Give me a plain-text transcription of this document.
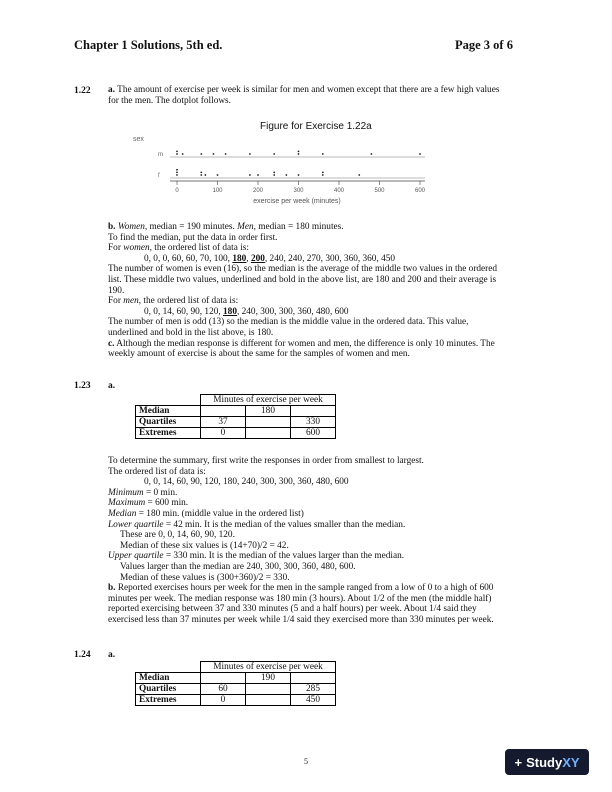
Chapter 1 Solutions, 5th ed.	Page 3 of 6
1.22 a. The amount of exercise per week is similar for men and women except that there are a few high values
for the men. The dotplot follows.
Figure for Exercise 1.22a
sex
m
f
0	100	200	300	400	500	600
exercise per week (minutes)
b. Women, median = 190 minutes. Men, median = 180 minutes.
To find the median, put the data in order first.
For women, the ordered list of data is:
0, 0, 0, 60, 60, 70, 100, 180, 200, 240, 240, 270, 300, 360, 360, 450
The number of women is even (16), so the median is the average of the middle two values in the ordered
list. These middle two values, underlined and bold in the above list, are 180 and 200 and their average is
190.
For men, the ordered list of data is:
0, 0, 14, 60, 90, 120, 180, 240, 300, 300, 360, 480, 600
The number of men is odd (13) so the median is the middle value in the ordered data. This value,
underlined and bold in the list above, is 180.
c. Although the median response is different for women and men, the difference is only 10 minutes. The
weekly amount of exercise is about the same for the samples of women and men.
1.23 a.
	Minutes of exercise per week		
Median		180	
Quartiles	37		330
Extremes	0		600
To determine the summary, first write the responses in order from smallest to largest.
The ordered list of data is:
0, 0, 14, 60, 90, 120, 180, 240, 300, 300, 360, 480, 600
Minimum = 0 min.
Maximum = 600 min.
Median = 180 min. (middle value in the ordered list)
Lower quartile = 42 min. It is the median of the values smaller than the median.
These are 0, 0, 14, 60, 90, 120.
Median of these six values is (14+70)/2 = 42.
Upper quartile = 330 min. It is the median of the values larger than the median.
Values larger than the median are 240, 300, 300, 360, 480, 600.
Median of these values is (300+360)/2 = 330.
b. Reported exercises hours per week for the men in the sample ranged from a low of 0 to a high of 600
minutes per week. The median response was 180 min (3 hours). About 1/2 of the men (the middle half)
reported exercising between 37 and 330 minutes (5 and a half hours) per week. About 1/4 said they
exercised less than 37 minutes per week while 1/4 said they exercised more than 330 minutes per week.
1.24 a.
	Minutes of exercise per week		
Median		190	
Quartiles	60		285
Extremes	0		450
5	+ StudyXY
